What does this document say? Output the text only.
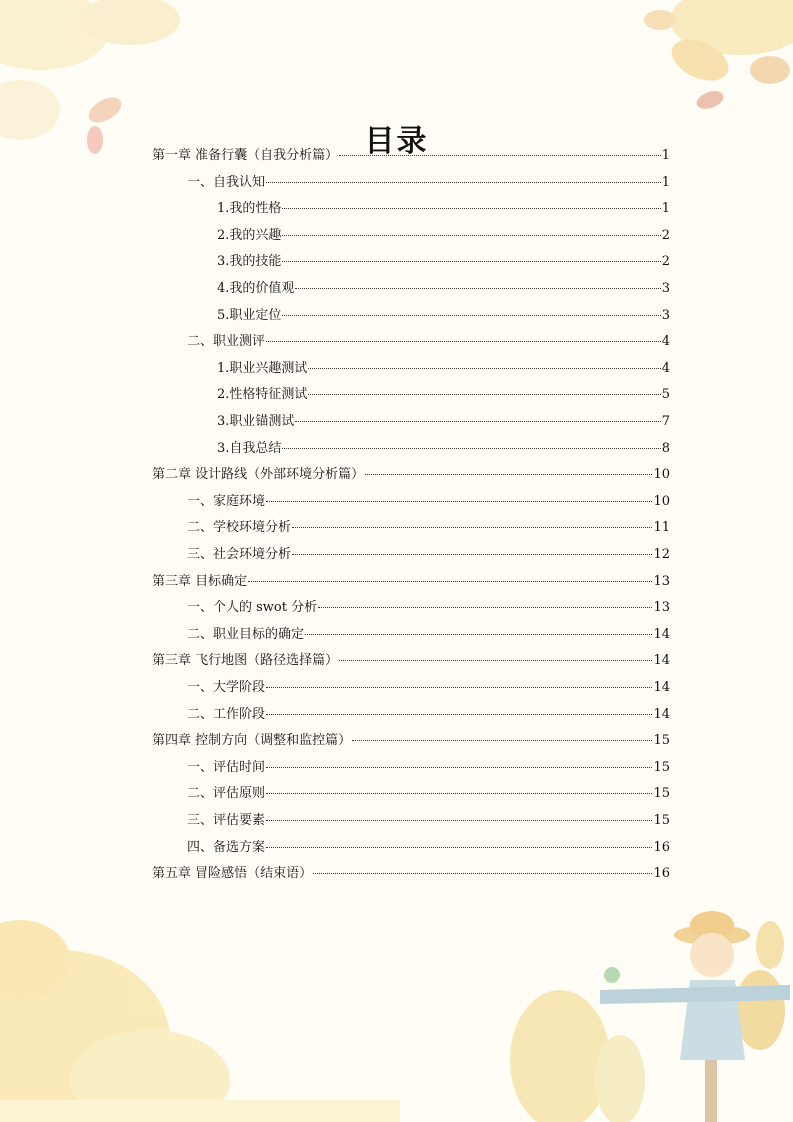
目录
第一章 准备行囊（自我分析篇）	1
一、自我认知	1
1.我的性格	1
2.我的兴趣	2
3.我的技能	2
4.我的价值观	3
5.职业定位	3
二、职业测评	4
1.职业兴趣测试	4
2.性格特征测试	5
3.职业锚测试	7
3.自我总结	8
第二章 设计路线（外部环境分析篇）	10
一、家庭环境	10
二、学校环境分析	11
三、社会环境分析	12
第三章 目标确定	13
一、个人的 swot 分析	13
二、职业目标的确定	14
第三章 飞行地图（路径选择篇）	14
一、大学阶段	14
二、工作阶段	14
第四章 控制方向（调整和监控篇）	15
一、评估时间	15
二、评估原则	15
三、评估要素	15
四、备选方案	16
第五章 冒险感悟（结束语）	16
